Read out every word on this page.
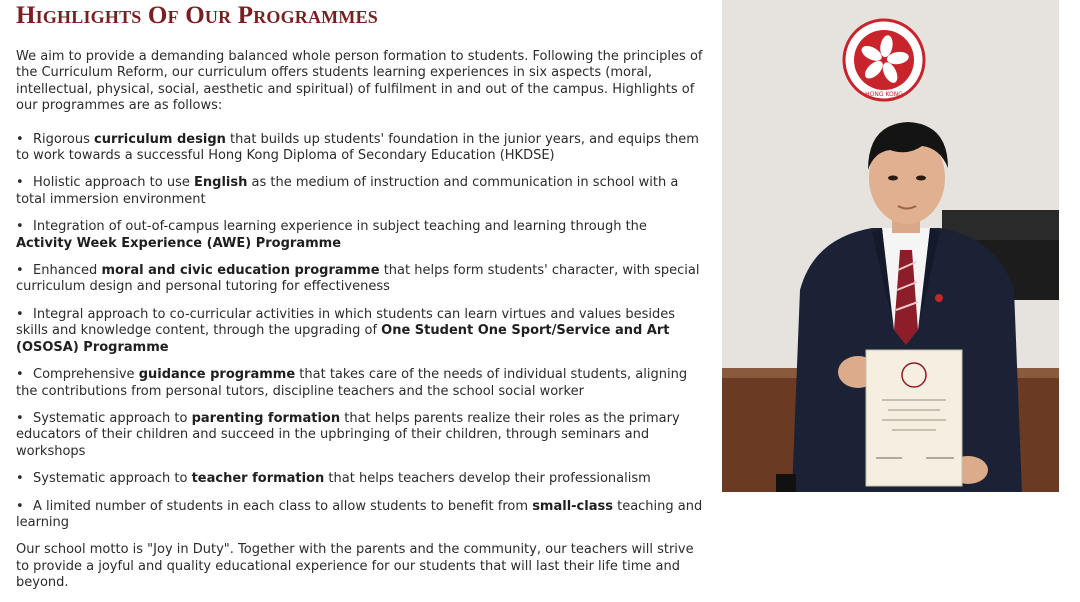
Highlights Of Our Programmes

We aim to provide a demanding balanced whole person formation to students. Following the principles of the Curriculum Reform, our curriculum offers students learning experiences in six aspects (moral, intellectual, physical, social, aesthetic and spiritual) of fulfilment in and out of the campus. Highlights of our programmes are as follows:

• Rigorous curriculum design that builds up students' foundation in the junior years, and equips them to work towards a successful Hong Kong Diploma of Secondary Education (HKDSE)
• Holistic approach to use English as the medium of instruction and communication in school with a total immersion environment
• Integration of out-of-campus learning experience in subject teaching and learning through the Activity Week Experience (AWE) Programme
• Enhanced moral and civic education programme that helps form students' character, with special curriculum design and personal tutoring for effectiveness
• Integral approach to co-curricular activities in which students can learn virtues and values besides skills and knowledge content, through the upgrading of One Student One Sport/Service and Art (OSOSA) Programme
• Comprehensive guidance programme that takes care of the needs of individual students, aligning the contributions from personal tutors, discipline teachers and the school social worker
• Systematic approach to parenting formation that helps parents realize their roles as the primary educators of their children and succeed in the upbringing of their children, through seminars and workshops
• Systematic approach to teacher formation that helps teachers develop their professionalism
• A limited number of students in each class to allow students to benefit from small-class teaching and learning

Our school motto is "Joy in Duty". Together with the parents and the community, our teachers will strive to provide a joyful and quality educational experience for our students that will last their life time and beyond.

HONG KONG
